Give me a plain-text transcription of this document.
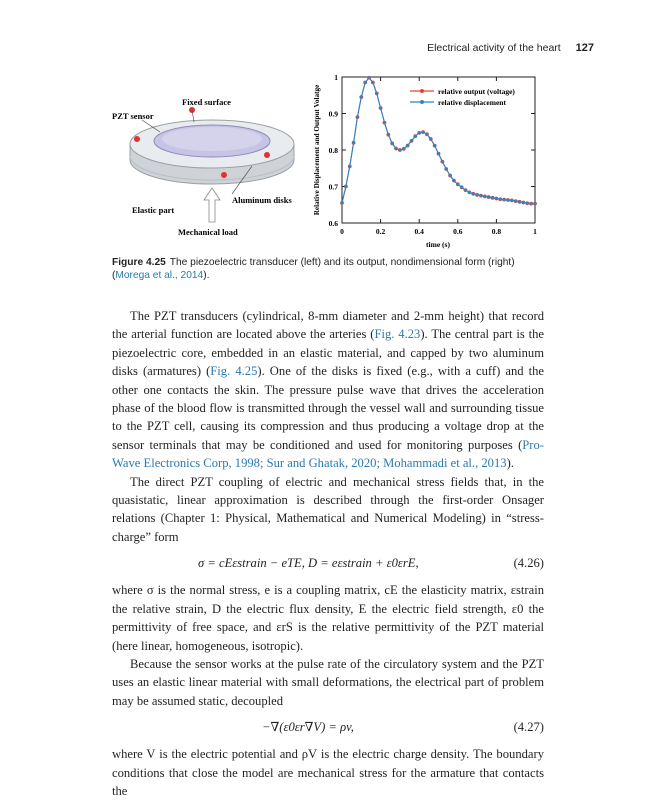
Electrical activity of the heart 127
Fixed surface
PZT sensor
Aluminum disks
Elastic part
Mechanical load	0	0.2	0.4	0.6	0.8	1
0.6
0.7
0.8
0.9
1
relative output (voltage)
relative displacement
time (s)
Relative Displacement and Output Volatge
Figure 4.25 The piezoelectric transducer (left) and its output, nondimensional form (right) (Morega et al., 2014).

The PZT transducers (cylindrical, 8-mm diameter and 2-mm height) that record the arterial function are located above the arteries (Fig. 4.23). The central part is the piezoelectric core, embedded in an elastic material, and capped by two aluminum disks (armatures) (Fig. 4.25). One of the disks is fixed (e.g., with a cuff) and the other one contacts the skin. The pressure pulse wave that drives the acceleration phase of the blood flow is transmitted through the vessel wall and surrounding tissue to the PZT cell, causing its compression and thus producing a voltage drop at the sensor terminals that may be conditioned and used for monitoring purposes (Pro-Wave Electronics Corp, 1998; Sur and Ghatak, 2020; Mohammadi et al., 2013).

The direct PZT coupling of electric and mechanical stress fields that, in the quasistatic, linear approximation is described through the first-order Onsager relations (Chapter 1: Physical, Mathematical and Numerical Modeling) in “stress-charge” form

σ = cEεstrain − eTE, D = eεstrain + ε0εrE,	(4.26)

where σ is the normal stress, e is a coupling matrix, cE the elasticity matrix, εstrain the relative strain, D the electric flux density, E the electric field strength, ε0 the permittivity of free space, and εrS is the relative permittivity of the PZT material (here linear, homogeneous, isotropic).

Because the sensor works at the pulse rate of the circulatory system and the PZT uses an elastic linear material with small deformations, the electrical part of problem may be assumed static, decoupled

−∇(ε0εr∇V) = ρv,	(4.27)

where V is the electric potential and ρV is the electric charge density. The boundary conditions that close the model are mechanical stress for the armature that contacts the
